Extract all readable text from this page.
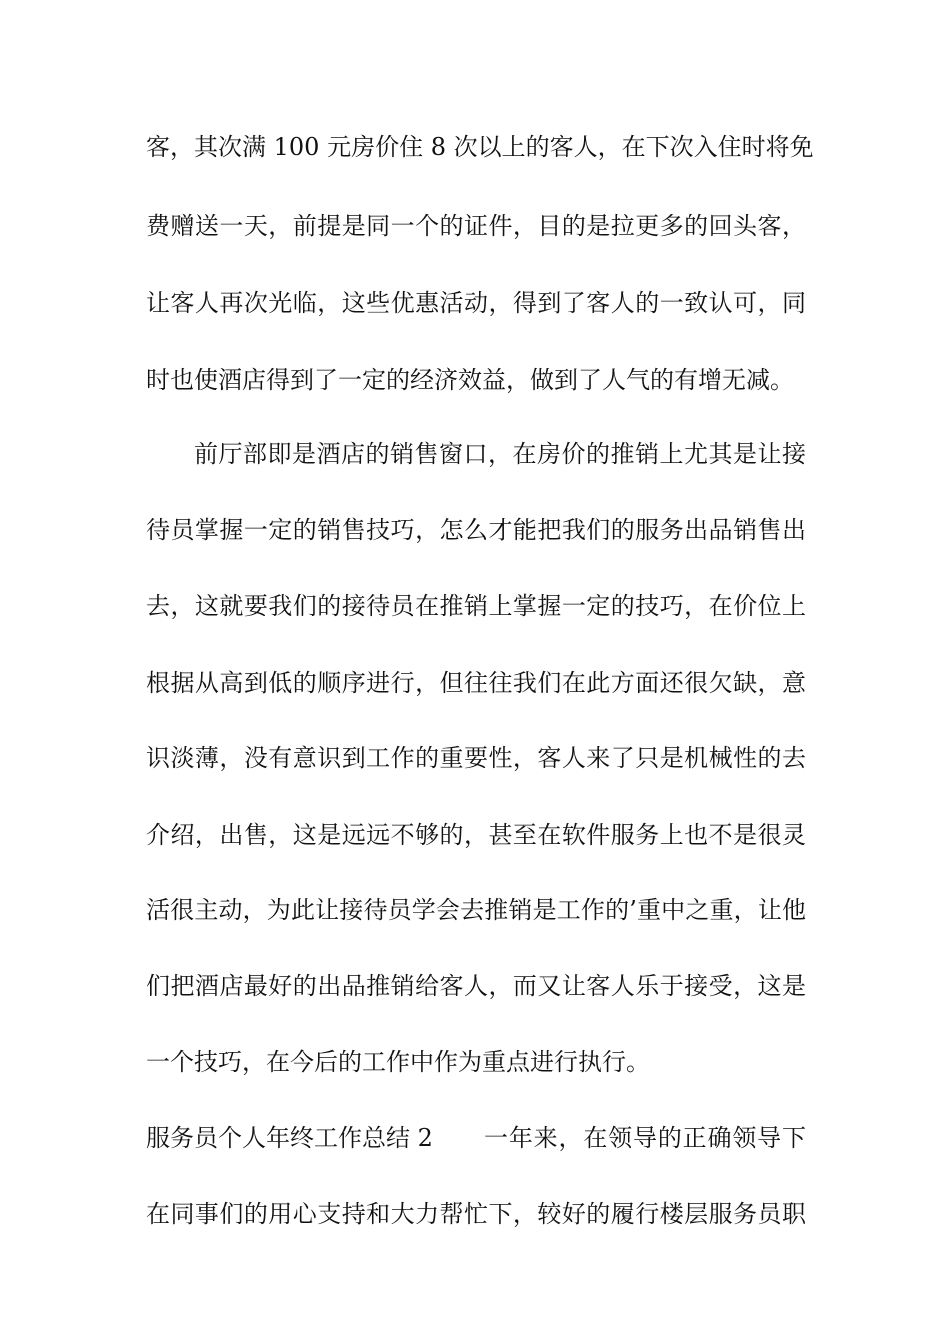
客，其次满 100 元房价住 8 次以上的客人，在下次入住时将免

费赠送一天，前提是同一个的证件，目的是拉更多的回头客，

让客人再次光临，这些优惠活动，得到了客人的一致认可，同

时也使酒店得到了一定的经济效益，做到了人气的有增无减。

前厅部即是酒店的销售窗口，在房价的推销上尤其是让接

待员掌握一定的销售技巧，怎么才能把我们的服务出品销售出

去，这就要我们的接待员在推销上掌握一定的技巧，在价位上

根据从高到低的顺序进行，但往往我们在此方面还很欠缺，意

识淡薄，没有意识到工作的重要性，客人来了只是机械性的去

介绍，出售，这是远远不够的，甚至在软件服务上也不是很灵

活很主动，为此让接待员学会去推销是工作的’重中之重，让他

们把酒店最好的出品推销给客人，而又让客人乐于接受，这是

一个技巧，在今后的工作中作为重点进行执行。

服务员个人年终工作总结 2 一年来，在领导的正确领导下

在同事们的用心支持和大力帮忙下，较好的履行楼层服务员职
